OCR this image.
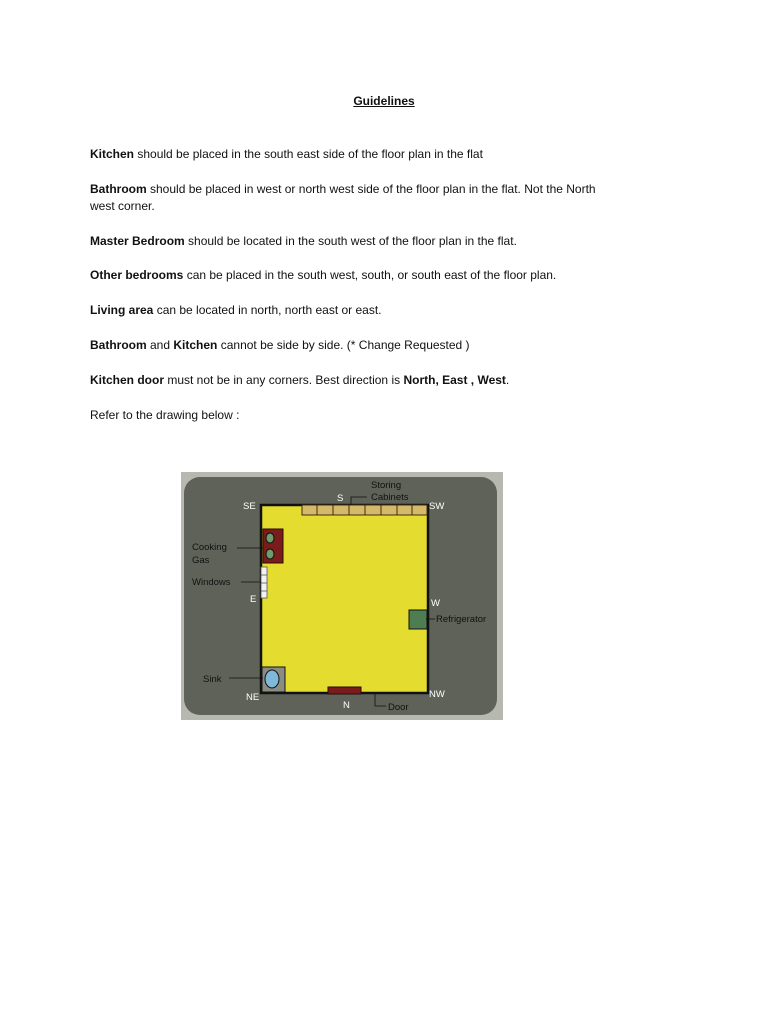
Guidelines

Kitchen should be placed in the south east side of the floor plan in the flat

Bathroom should be placed in west or north west side of the floor plan in the flat. Not the North west corner.

Master Bedroom should be located in the south west of the floor plan in the flat.

Other bedrooms can be placed in the south west, south, or south east of the floor plan.

Living area can be located in north, north east or east.

Bathroom and Kitchen cannot be side by side. (* Change Requested )

Kitchen door must not be in any corners. Best direction is North, East , West.

Refer to the drawing below :

SE
S
SW
E	W
NE
N
NW
Storing
Cabinets
Cooking
Gas
Windows
Refrigerator
Sink
Door
